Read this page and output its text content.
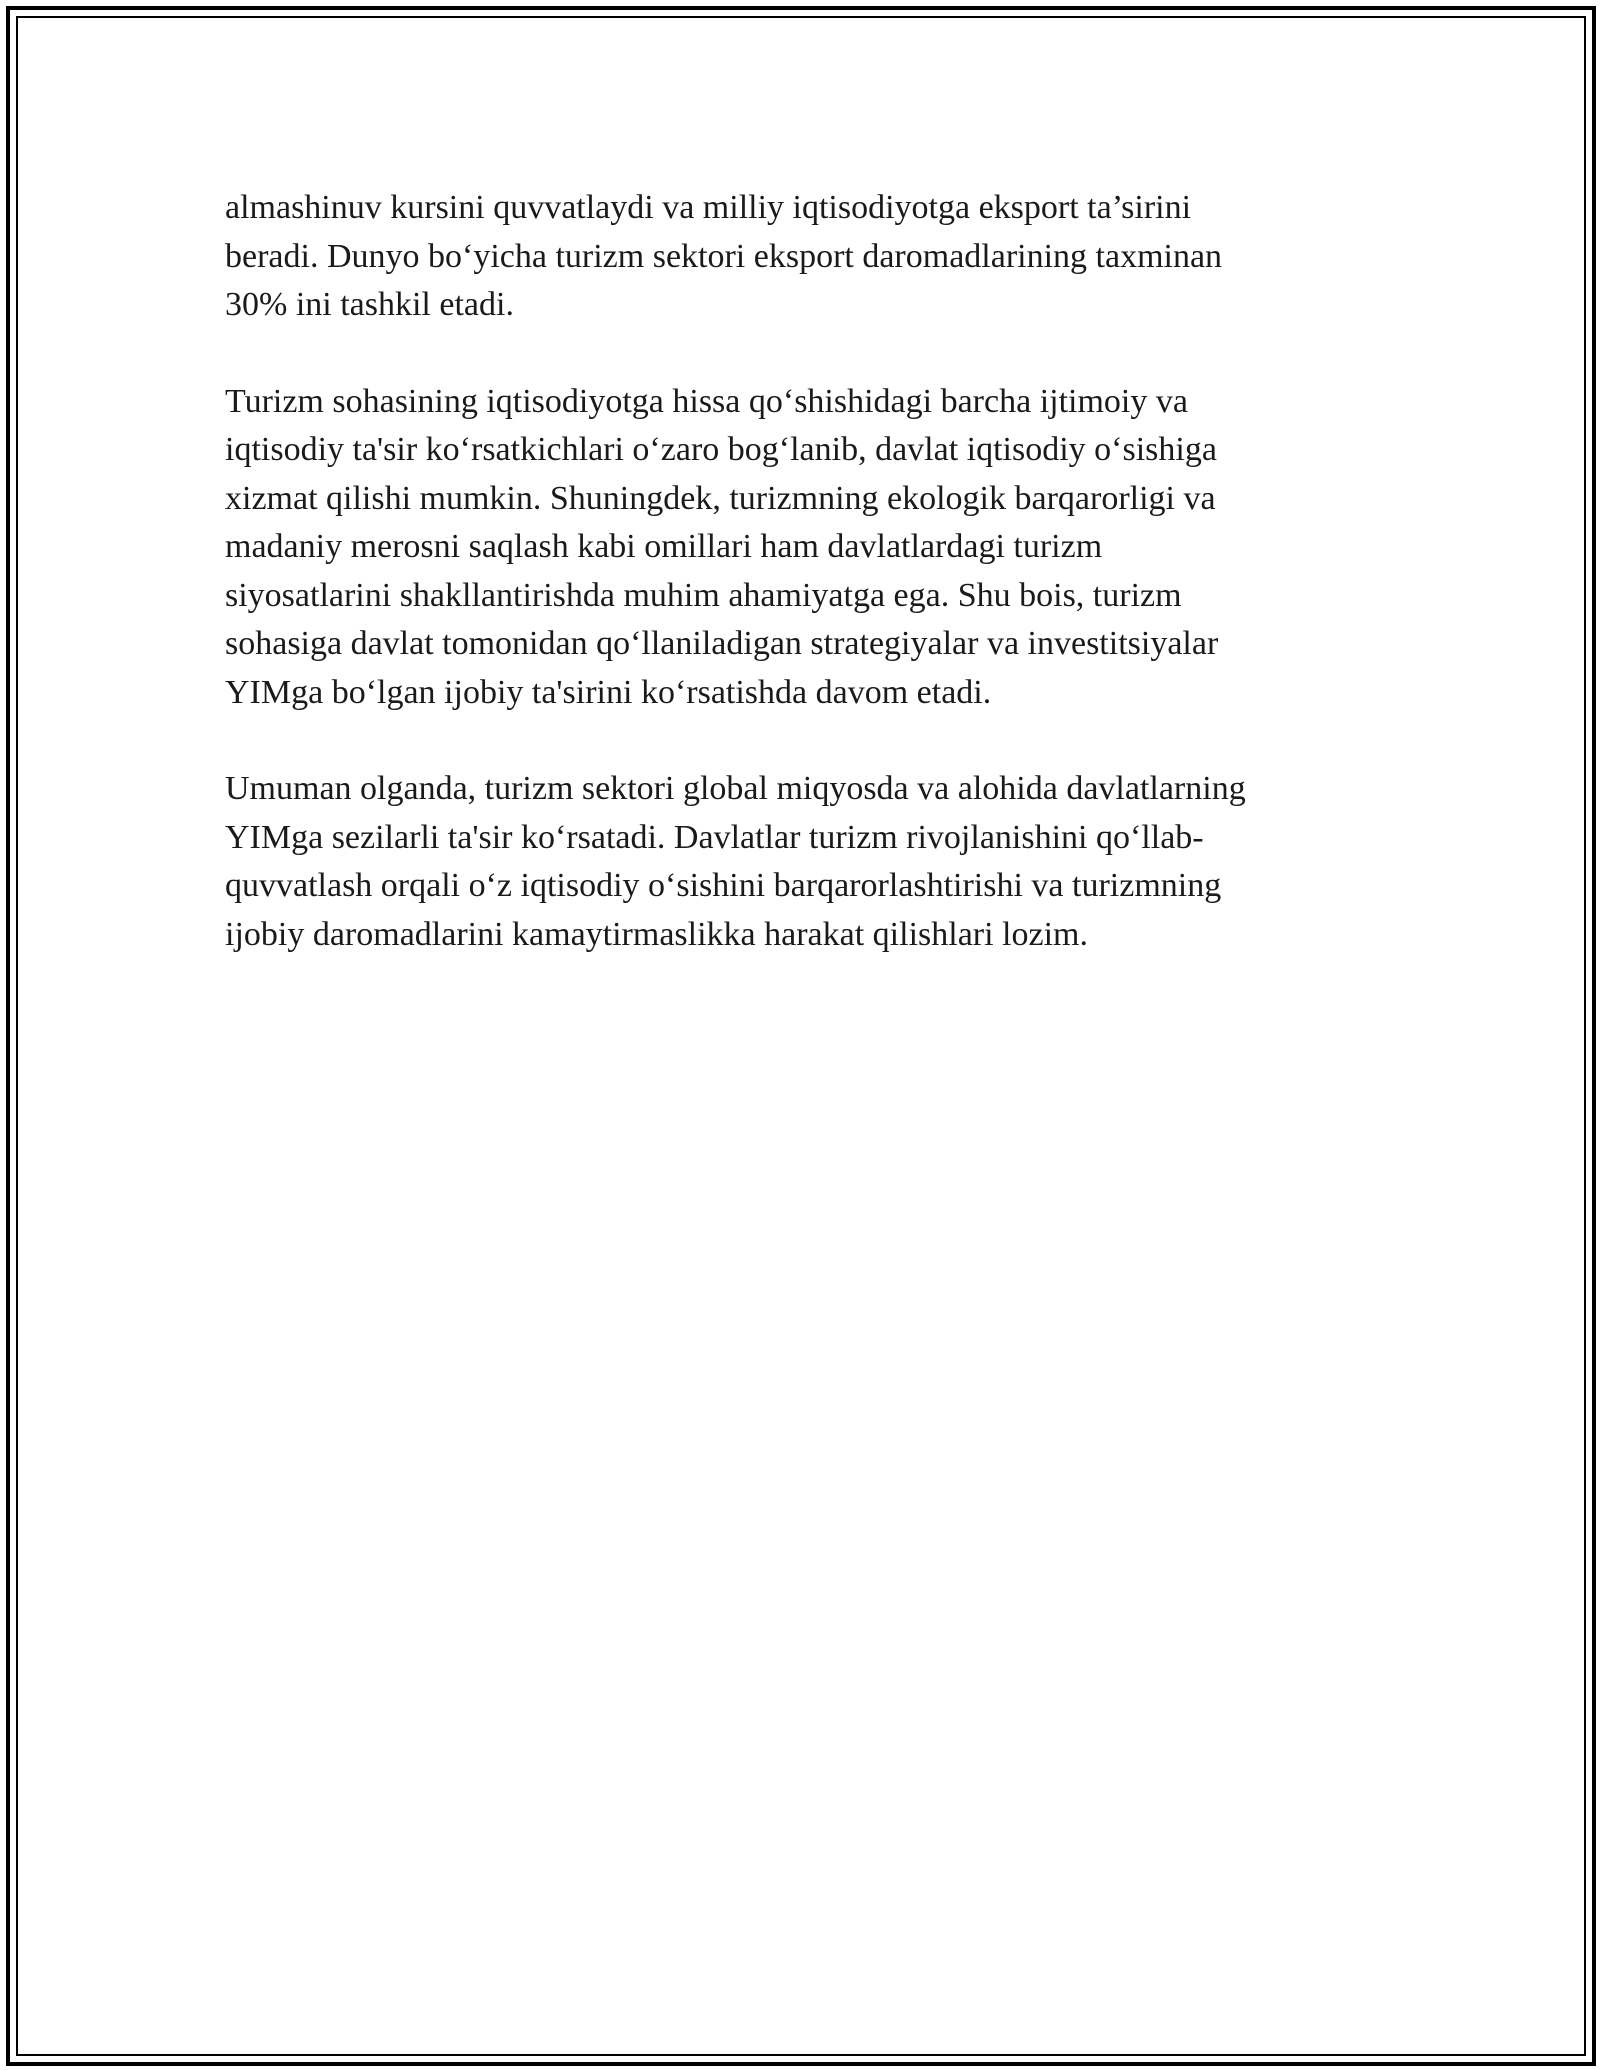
almashinuv kursini quvvatlaydi va milliy iqtisodiyotga eksport ta’sirini
beradi. Dunyo bo‘yicha turizm sektori eksport daromadlarining taxminan
30% ini tashkil etadi.

Turizm sohasining iqtisodiyotga hissa qo‘shishidagi barcha ijtimoiy va
iqtisodiy ta'sir ko‘rsatkichlari o‘zaro bog‘lanib, davlat iqtisodiy o‘sishiga
xizmat qilishi mumkin. Shuningdek, turizmning ekologik barqarorligi va
madaniy merosni saqlash kabi omillari ham davlatlardagi turizm
siyosatlarini shakllantirishda muhim ahamiyatga ega. Shu bois, turizm
sohasiga davlat tomonidan qo‘llaniladigan strategiyalar va investitsiyalar
YIMga bo‘lgan ijobiy ta'sirini ko‘rsatishda davom etadi.

Umuman olganda, turizm sektori global miqyosda va alohida davlatlarning
YIMga sezilarli ta'sir ko‘rsatadi. Davlatlar turizm rivojlanishini qo‘llab-
quvvatlash orqali o‘z iqtisodiy o‘sishini barqarorlashtirishi va turizmning
ijobiy daromadlarini kamaytirmaslikka harakat qilishlari lozim.
